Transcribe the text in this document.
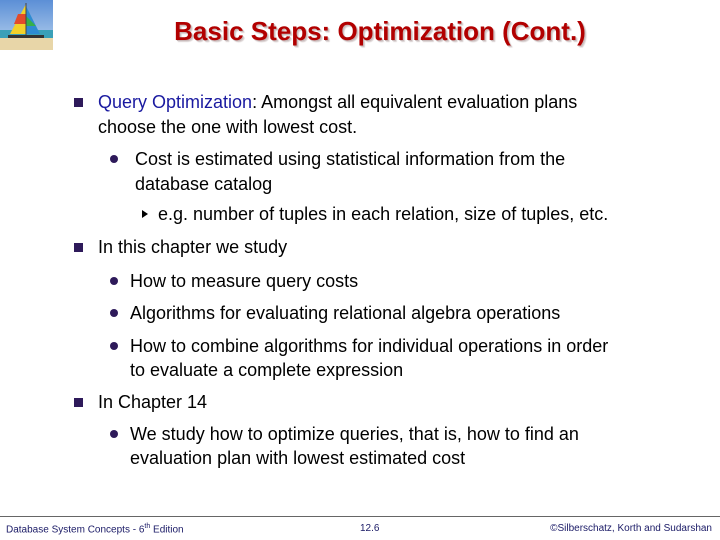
Basic Steps: Optimization (Cont.)
Query Optimization: Amongst all equivalent evaluation plans
choose the one with lowest cost.
Cost is estimated using statistical information from the
database catalog
e.g. number of tuples in each relation, size of tuples, etc.
In this chapter we study
How to measure query costs
Algorithms for evaluating relational algebra operations
How to combine algorithms for individual operations in order
to evaluate a complete expression
In Chapter 14
We study how to optimize queries, that is, how to find an
evaluation plan with lowest estimated cost
Database System Concepts - 6th Edition	12.6	©Silberschatz, Korth and Sudarshan
